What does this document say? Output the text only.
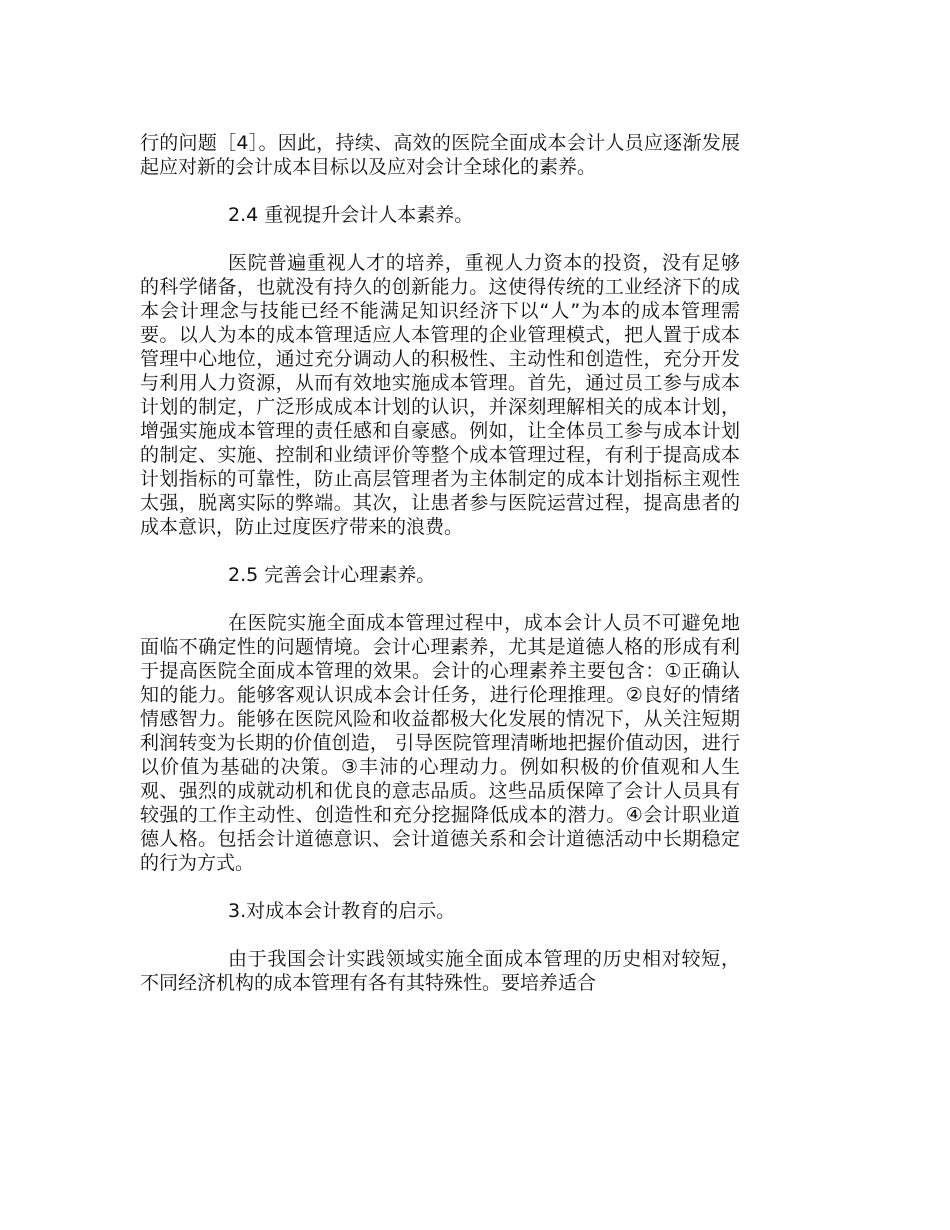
行的问题［4］。因此，持续、高效的医院全面成本会计人员应逐渐发展起应对新的会计成本目标以及应对会计全球化的素养。

2.4 重视提升会计人本素养。

医院普遍重视人才的培养，重视人力资本的投资，没有足够的科学储备，也就没有持久的创新能力。这使得传统的工业经济下的成本会计理念与技能已经不能满足知识经济下以“人”为本的成本管理需要。以人为本的成本管理适应人本管理的企业管理模式，把人置于成本管理中心地位，通过充分调动人的积极性、主动性和创造性，充分开发与利用人力资源，从而有效地实施成本管理。首先，通过员工参与成本计划的制定，广泛形成成本计划的认识，并深刻理解相关的成本计划，增强实施成本管理的责任感和自豪感。例如，让全体员工参与成本计划的制定、实施、控制和业绩评价等整个成本管理过程，有利于提高成本计划指标的可靠性，防止高层管理者为主体制定的成本计划指标主观性太强，脱离实际的弊端。其次，让患者参与医院运营过程，提高患者的成本意识，防止过度医疗带来的浪费。

2.5 完善会计心理素养。

在医院实施全面成本管理过程中，成本会计人员不可避免地面临不确定性的问题情境。会计心理素养，尤其是道德人格的形成有利于提高医院全面成本管理的效果。会计的心理素养主要包含：①正确认知的能力。能够客观认识成本会计任务，进行伦理推理。②良好的情绪情感智力。能够在医院风险和收益都极大化发展的情况下，从关注短期利润转变为长期的价值创造， 引导医院管理清晰地把握价值动因，进行以价值为基础的决策。③丰沛的心理动力。例如积极的价值观和人生观、强烈的成就动机和优良的意志品质。这些品质保障了会计人员具有较强的工作主动性、创造性和充分挖掘降低成本的潜力。④会计职业道德人格。包括会计道德意识、会计道德关系和会计道德活动中长期稳定的行为方式。

3.对成本会计教育的启示。

由于我国会计实践领域实施全面成本管理的历史相对较短，不同经济机构的成本管理有各有其特殊性。要培养适合
